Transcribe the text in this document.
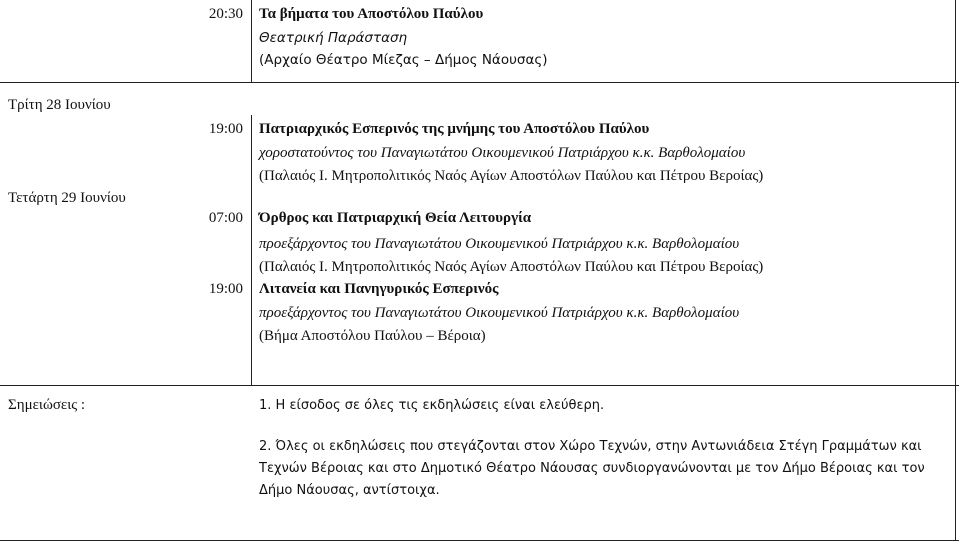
20:30 Τα βήματα του Αποστόλου Παύλου
Θεατρική Παράσταση
(Αρχαίο Θέατρο Μίεζας – Δήμος Νάουσας)
Τρίτη 28 Ιουνίου
19:00 Πατριαρχικός Εσπερινός της μνήμης του Αποστόλου Παύλου
χοροστατούντος του Παναγιωτάτου Οικουμενικού Πατριάρχου κ.κ. Βαρθολομαίου
(Παλαιός Ι. Μητροπολιτικός Ναός Αγίων Αποστόλων Παύλου και Πέτρου Βεροίας)
Τετάρτη 29 Ιουνίου
07:00 Όρθρος και Πατριαρχική Θεία Λειτουργία
προεξάρχοντος του Παναγιωτάτου Οικουμενικού Πατριάρχου κ.κ. Βαρθολομαίου
(Παλαιός Ι. Μητροπολιτικός Ναός Αγίων Αποστόλων Παύλου και Πέτρου Βεροίας)
19:00 Λιτανεία και Πανηγυρικός Εσπερινός
προεξάρχοντος του Παναγιωτάτου Οικουμενικού Πατριάρχου κ.κ. Βαρθολομαίου
(Βήμα Αποστόλου Παύλου – Βέροια)
Σημειώσεις :	1. Η είσοδος σε όλες τις εκδηλώσεις είναι ελεύθερη.
2. Όλες οι εκδηλώσεις που στεγάζονται στον Χώρο Τεχνών, στην Αντωνιάδεια Στέγη Γραμμάτων και Τεχνών Βέροιας και στο Δημοτικό Θέατρο Νάουσας συνδιοργανώνονται με τον Δήμο Βέροιας και τον Δήμο Νάουσας, αντίστοιχα.
